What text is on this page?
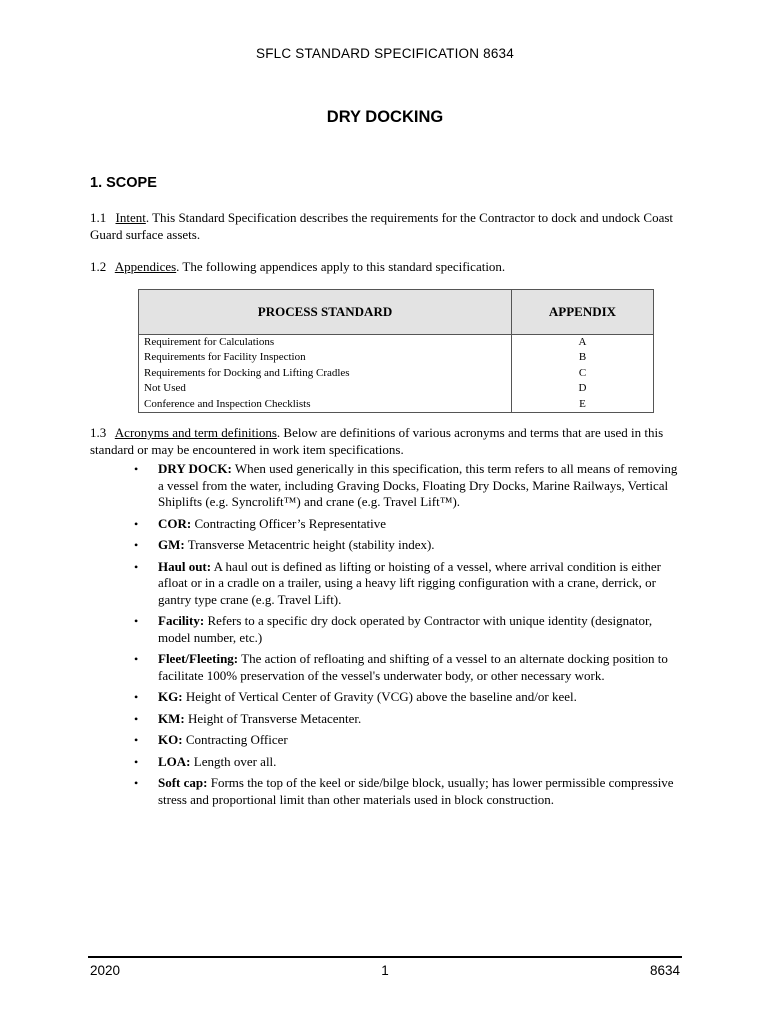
SFLC STANDARD SPECIFICATION 8634
DRY DOCKING
1. SCOPE
1.1 Intent. This Standard Specification describes the requirements for the Contractor to dock and undock Coast Guard surface assets.
1.2 Appendices. The following appendices apply to this standard specification.
PROCESS STANDARD	APPENDIX
Requirement for Calculations	A
Requirements for Facility Inspection	B
Requirements for Docking and Lifting Cradles	C
Not Used	D
Conference and Inspection Checklists	E
1.3 Acronyms and term definitions. Below are definitions of various acronyms and terms that are used in this standard or may be encountered in work item specifications.
• DRY DOCK: When used generically in this specification, this term refers to all means of removing a vessel from the water, including Graving Docks, Floating Dry Docks, Marine Railways, Vertical Shiplifts (e.g. Syncrolift™) and crane (e.g. Travel Lift™).
• COR: Contracting Officer’s Representative
• GM: Transverse Metacentric height (stability index).
• Haul out: A haul out is defined as lifting or hoisting of a vessel, where arrival condition is either afloat or in a cradle on a trailer, using a heavy lift rigging configuration with a crane, derrick, or gantry type crane (e.g. Travel Lift).
• Facility: Refers to a specific dry dock operated by Contractor with unique identity (designator, model number, etc.)
• Fleet/Fleeting: The action of refloating and shifting of a vessel to an alternate docking position to facilitate 100% preservation of the vessel's underwater body, or other necessary work.
• KG: Height of Vertical Center of Gravity (VCG) above the baseline and/or keel.
• KM: Height of Transverse Metacenter.
• KO: Contracting Officer
• LOA: Length over all.
• Soft cap: Forms the top of the keel or side/bilge block, usually; has lower permissible compressive stress and proportional limit than other materials used in block construction.
2020	1	8634
